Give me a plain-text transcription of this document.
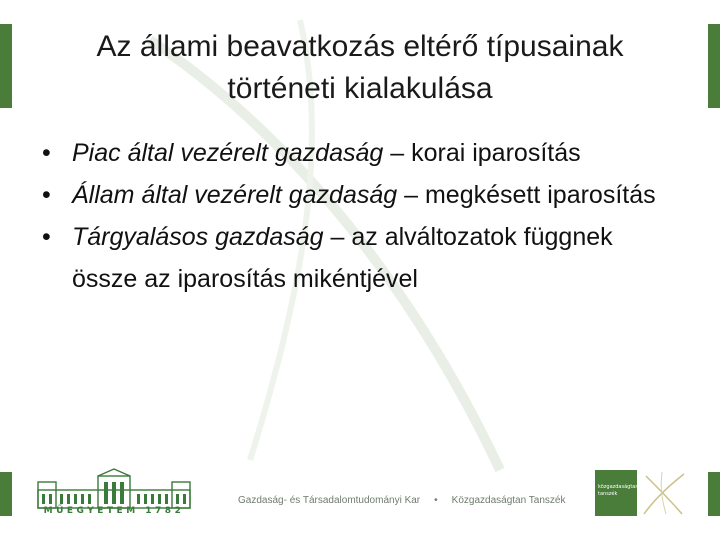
Az állami beavatkozás eltérő típusainak
történeti kialakulása
• Piac által vezérelt gazdaság – korai iparosítás
• Állam által vezérelt gazdaság – megkésett iparosítás
• Tárgyalásos gazdaság – az alváltozatok függnek össze az iparosítás mikéntjével
MŰEGYETEM 1782
Gazdaság- és Társadalomtudományi Kar • Közgazdaságtan Tanszék
közgazdaságtan tanszék
